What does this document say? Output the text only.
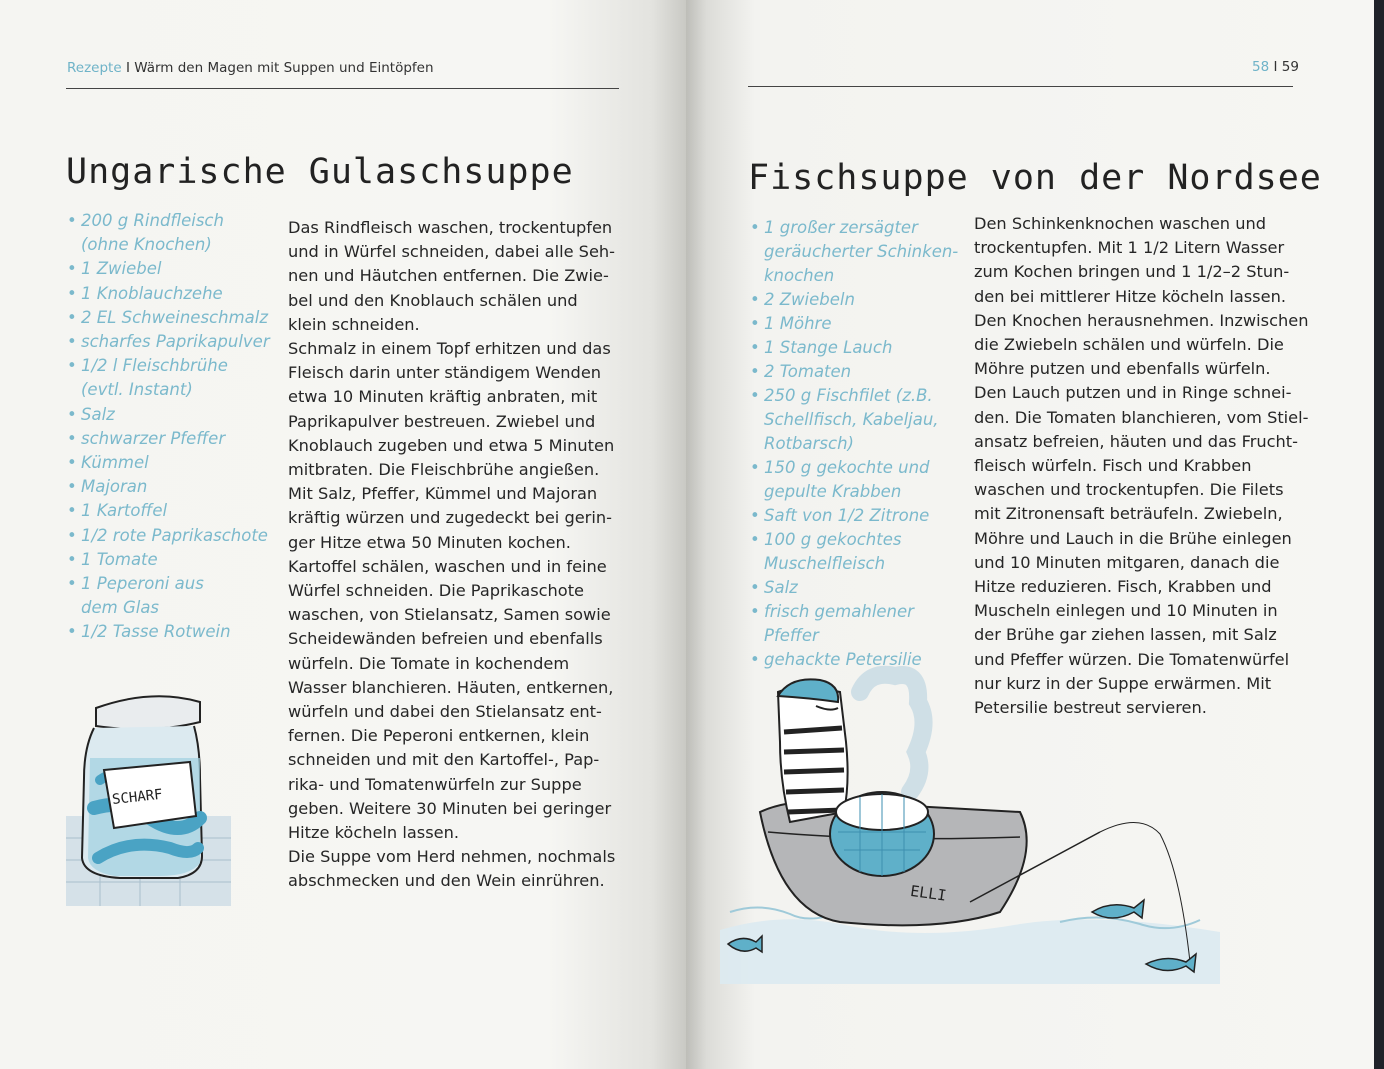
Rezepte I Wärm den Magen mit Suppen und Eintöpfen
Ungarische Gulaschsuppe
• 200 g Rindfleisch
(ohne Knochen)
• 1 Zwiebel
• 1 Knoblauchzehe
• 2 EL Schweineschmalz
• scharfes Paprikapulver
• 1/2 l Fleischbrühe
(evtl. Instant)
• Salz
• schwarzer Pfeffer
• Kümmel
• Majoran
• 1 Kartoffel
• 1/2 rote Paprikaschote
• 1 Tomate
• 1 Peperoni aus
dem Glas
• 1/2 Tasse Rotwein
Das Rindfleisch waschen, trockentupfen
und in Würfel schneiden, dabei alle Seh-
nen und Häutchen entfernen. Die Zwie-
bel und den Knoblauch schälen und
klein schneiden.
Schmalz in einem Topf erhitzen und das
Fleisch darin unter ständigem Wenden
etwa 10 Minuten kräftig anbraten, mit
Paprikapulver bestreuen. Zwiebel und
Knoblauch zugeben und etwa 5 Minuten
mitbraten. Die Fleischbrühe angießen.
Mit Salz, Pfeffer, Kümmel und Majoran
kräftig würzen und zugedeckt bei gerin-
ger Hitze etwa 50 Minuten kochen.
Kartoffel schälen, waschen und in feine
Würfel schneiden. Die Paprikaschote
waschen, von Stielansatz, Samen sowie
Scheidewänden befreien und ebenfalls
würfeln. Die Tomate in kochendem
Wasser blanchieren. Häuten, entkernen,
würfeln und dabei den Stielansatz ent-
fernen. Die Peperoni entkernen, klein
schneiden und mit den Kartoffel-, Pap-
rika- und Tomatenwürfeln zur Suppe
geben. Weitere 30 Minuten bei geringer
Hitze köcheln lassen.
Die Suppe vom Herd nehmen, nochmals
abschmecken und den Wein einrühren.
SCHARF
58 I 59
Fischsuppe von der Nordsee
• 1 großer zersägter
geräucherter Schinken-
knochen
• 2 Zwiebeln
• 1 Möhre
• 1 Stange Lauch
• 2 Tomaten
• 250 g Fischfilet (z.B.
Schellfisch, Kabeljau,
Rotbarsch)
• 150 g gekochte und
gepulte Krabben
• Saft von 1/2 Zitrone
• 100 g gekochtes
Muschelfleisch
• Salz
• frisch gemahlener Pfeffer
• gehackte Petersilie
Den Schinkenknochen waschen und
trockentupfen. Mit 1 1/2 Litern Wasser
zum Kochen bringen und 1 1/2–2 Stun-
den bei mittlerer Hitze köcheln lassen.
Den Knochen herausnehmen. Inzwischen
die Zwiebeln schälen und würfeln. Die
Möhre putzen und ebenfalls würfeln.
Den Lauch putzen und in Ringe schnei-
den. Die Tomaten blanchieren, vom Stiel-
ansatz befreien, häuten und das Frucht-
fleisch würfeln. Fisch und Krabben
waschen und trockentupfen. Die Filets
mit Zitronensaft beträufeln. Zwiebeln,
Möhre und Lauch in die Brühe einlegen
und 10 Minuten mitgaren, danach die
Hitze reduzieren. Fisch, Krabben und
Muscheln einlegen und 10 Minuten in
der Brühe gar ziehen lassen, mit Salz
und Pfeffer würzen. Die Tomatenwürfel
nur kurz in der Suppe erwärmen. Mit
Petersilie bestreut servieren.
ELLI
